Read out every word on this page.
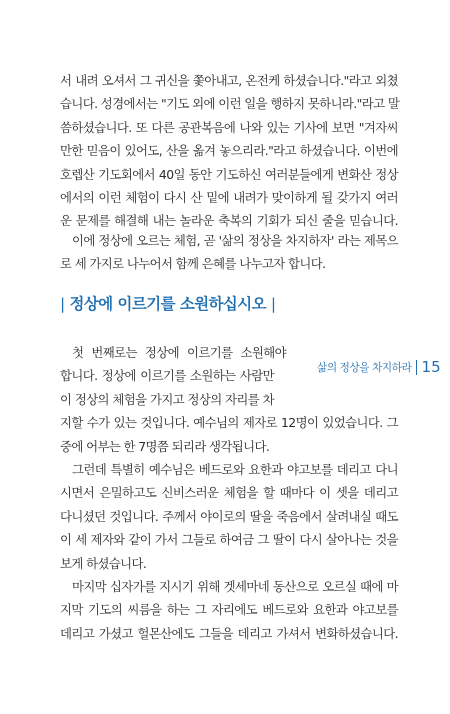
서 내려 오셔서 그 귀신을 쫓아내고, 온전케 하셨습니다."라고 외쳤
습니다. 성경에서는 "기도 외에 이런 일을 행하지 못하니라."라고 말
씀하셨습니다. 또 다른 공관복음에 나와 있는 기사에 보면 "겨자씨
만한 믿음이 있어도, 산을 옮겨 놓으리라."라고 하셨습니다. 이번에
호렙산 기도회에서 40일 동안 기도하신 여러분들에게 변화산 정상
에서의 이런 체험이 다시 산 밑에 내려가 맞이하게 될 갖가지 여러
운 문제를 해결해 내는 놀라운 축복의 기회가 되신 줄을 믿습니다.
이에 정상에 오르는 체험, 곧 '삶의 정상을 차지하자' 라는 제목으
로 세 가지로 나누어서 함께 은혜를 나누고자 합니다.
| 정상에 이르기를 소원하십시오 |
첫 번째로는 정상에 이르기를 소원해야
합니다. 정상에 이르기를 소원하는 사람만
이 정상의 체험을 가지고 정상의 자리를 차
지할 수가 있는 것입니다. 예수님의 제자로 12명이 있었습니다. 그
중에 어부는 한 7명쯤 되리라 생각됩니다.
그런데 특별히 예수님은 베드로와 요한과 야고보를 데리고 다니
시면서 은밀하고도 신비스러운 체험을 할 때마다 이 셋을 데리고
다니셨던 것입니다. 주께서 야이로의 딸을 죽음에서 살려내실 때도
이 세 제자와 같이 가서 그들로 하여금 그 딸이 다시 살아나는 것을
보게 하셨습니다.
마지막 십자가를 지시기 위해 겟세마네 동산으로 오르실 때에 마
지막 기도의 씨름을 하는 그 자리에도 베드로와 요한과 야고보를
데리고 가셨고 헐몬산에도 그들을 데리고 가셔서 변화하셨습니다.
삶의 정상을 차지하라 15
